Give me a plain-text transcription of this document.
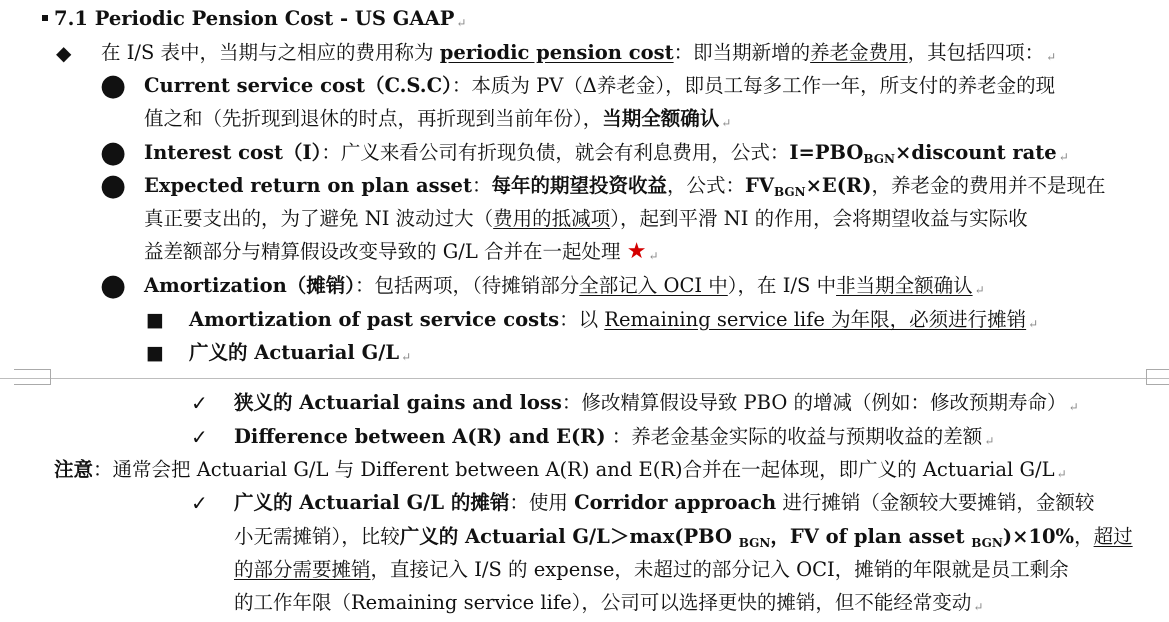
7.1 Periodic Pension Cost - US GAAP ↵
◆ 在 I/S 表中，当期与之相应的费用称为 periodic pension cost：即当期新增的养老金费用，其包括四项： ↵
● Current service cost（C.S.C）：本质为 PV（Δ养老金），即员工每多工作一年，所支付的养老金的现
值之和（先折现到退休的时点，再折现到当前年份），当期全额确认 ↵
● Interest cost（I）：广义来看公司有折现负债，就会有利息费用，公式：$I=PBO_{BGN}\times discount$ rate ↵
● Expected return on plan asset：每年的期望投资收益，公式：$FV_{BGN}\times E(R)$，养老金的费用并不是现在
真正要支出的，为了避免 NI 波动过大（费用的抵减项），起到平滑 NI 的作用，会将期望收益与实际收
益差额部分与精算假设改变导致的 G/L 合并在一起处理 ★ ↵
● Amortization（摊销）：包括两项，（待摊销部分全部记入 OCI 中），在 I/S 中非当期全额确认 ↵
■ Amortization of past service costs：以 Remaining service life 为年限，必须进行摊销 ↵
■ 广义的 Actuarial G/L ↵
✓ 狭义的 Actuarial gains and loss：修改精算假设导致 PBO 的增减（例如：修改预期寿命） ↵
✓ Difference between A(R) and E(R) ：养老金基金实际的收益与预期收益的差额 ↵
注意：通常会把 Actuarial G/L 与 Different between A(R) and E(R)合并在一起体现，即广义的 Actuarial G/L ↵
✓ 广义的 Actuarial G/L 的摊销：使用 Corridor approach 进行摊销（金额较大要摊销，金额较
小无需摊销），比较广义的 Actuarial G/L＞max(PBO $_{BGN}$，FV of plan asset $_{BGN}$)×10%，超过
的部分需要摊销，直接记入 I/S 的 expense，未超过的部分记入 OCI，摊销的年限就是员工剩余
的工作年限（Remaining service life），公司可以选择更快的摊销，但不能经常变动 ↵
